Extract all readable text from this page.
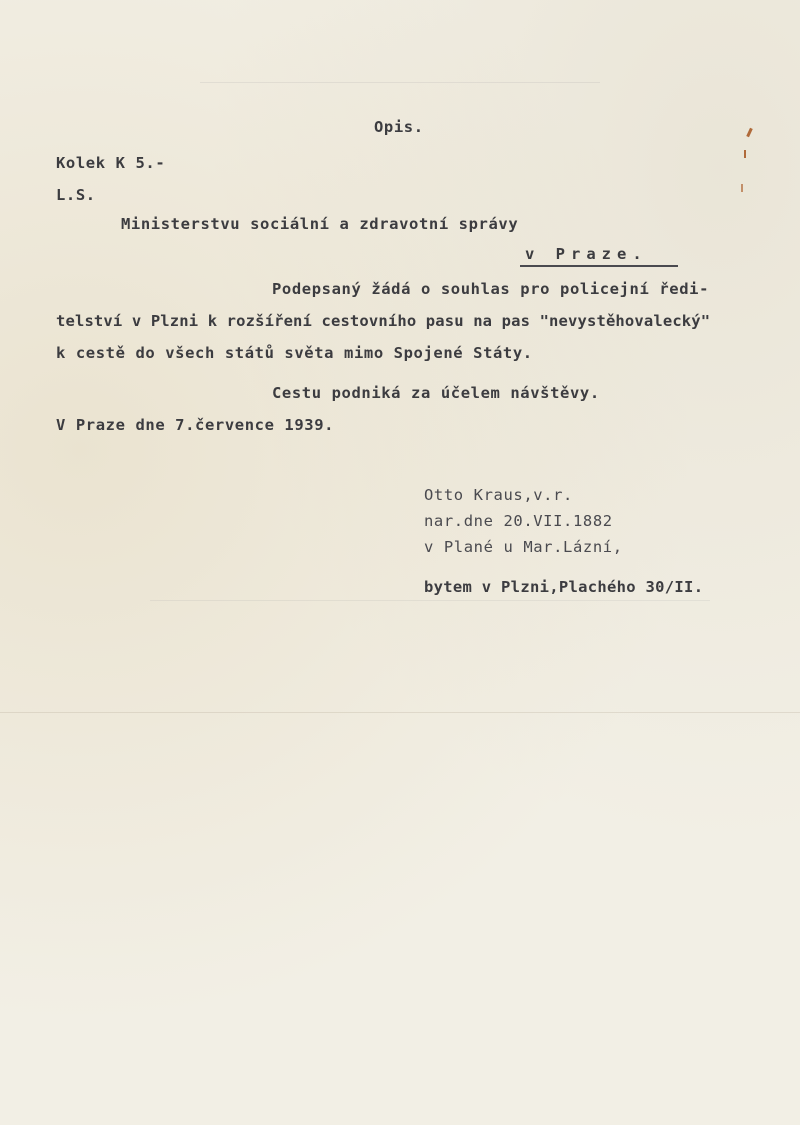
Opis.
Kolek K 5.-
L.S.
Ministerstvu sociální a zdravotní správy
v Praze.
Podepsaný žádá o souhlas pro policejní ředi-
telství v Plzni k rozšíření cestovního pasu na pas "nevystěhovalecký"
k cestě do všech států světa mimo Spojené Státy.
Cestu podniká za účelem návštěvy.
V Praze dne 7.července 1939.
Otto Kraus,v.r.
nar.dne 20.VII.1882
v Plané u Mar.Lázní,
bytem v Plzni,Plachého 30/II.
